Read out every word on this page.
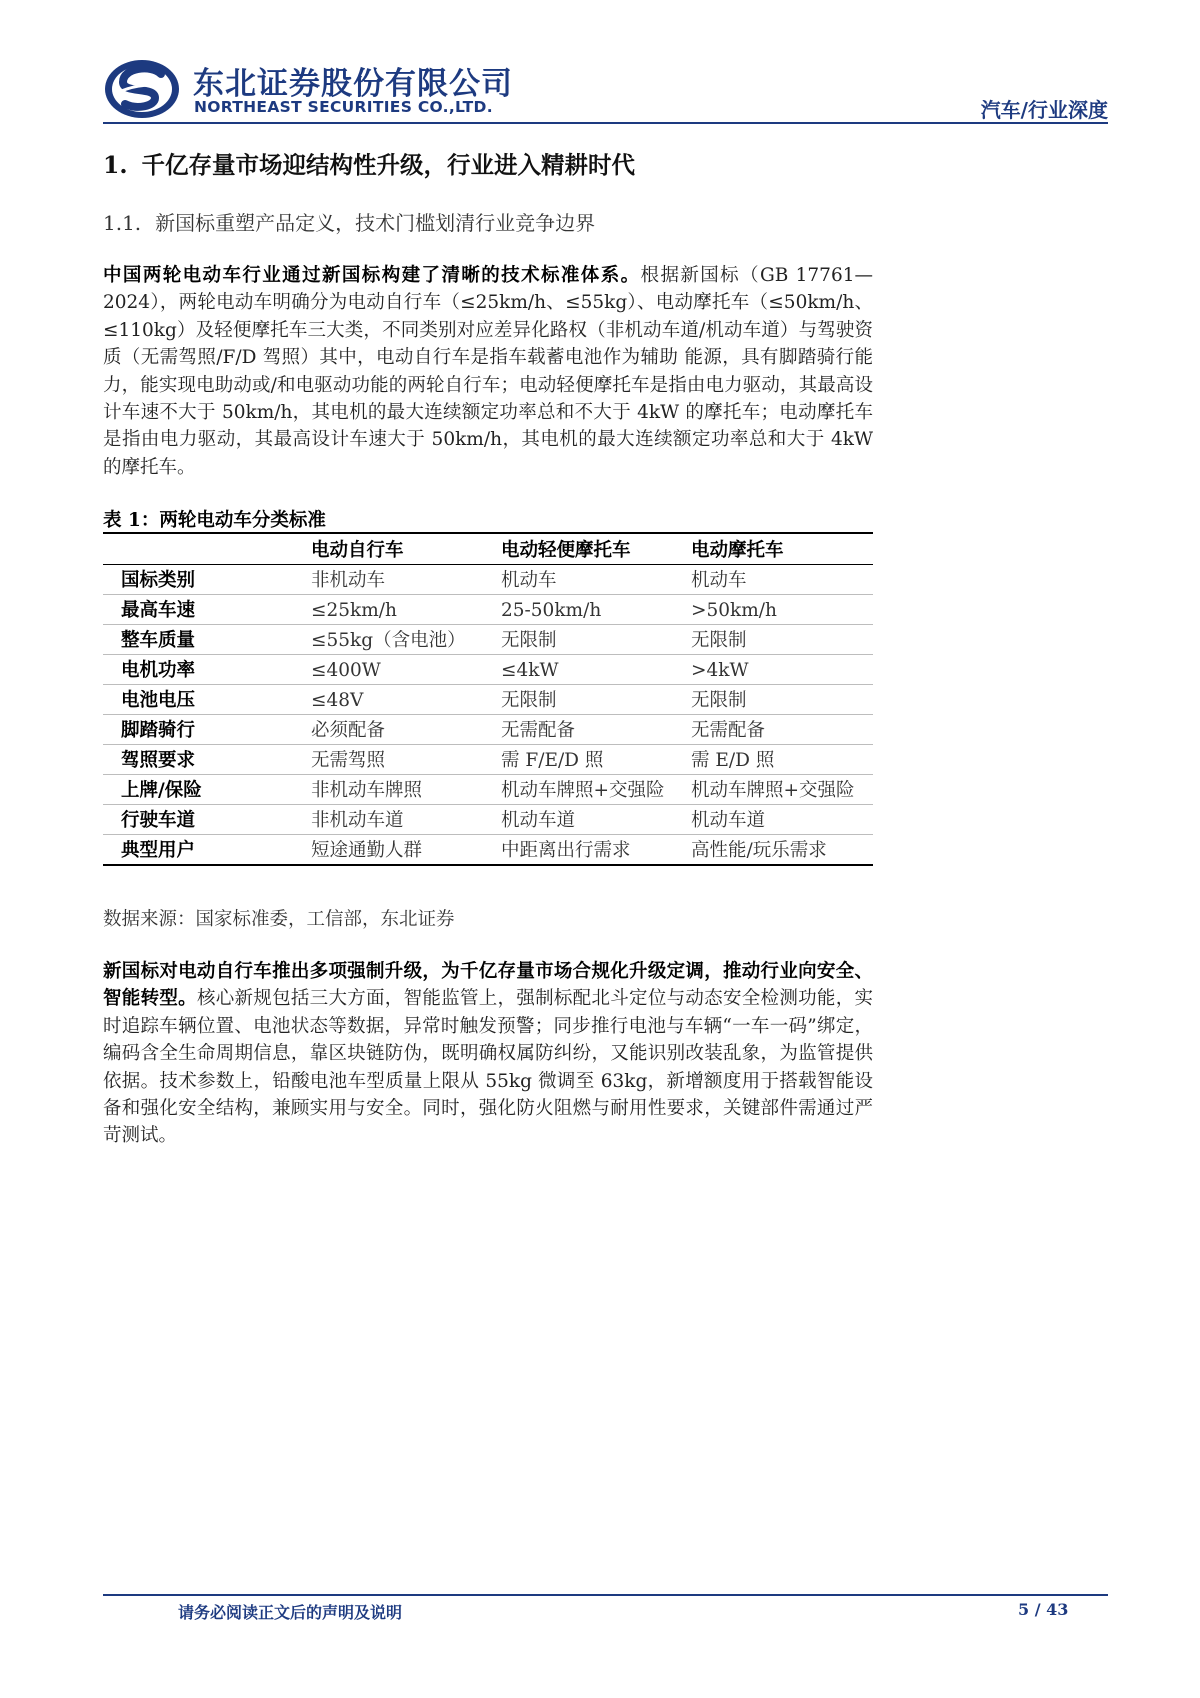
东北证券股份有限公司
NORTHEAST SECURITIES CO.,LTD.	汽车/行业深度
1. 千亿存量市场迎结构性升级，行业进入精耕时代
1.1. 新国标重塑产品定义，技术门槛划清行业竞争边界
中国两轮电动车行业通过新国标构建了清晰的技术标准体系。根据新国标（GB 17761—2024），两轮电动车明确分为电动自行车（≤25km/h、≤55kg）、电动摩托车（≤50km/h、≤110kg）及轻便摩托车三大类，不同类别对应差异化路权（非机动车道/机动车道）与驾驶资质（无需驾照/F/D 驾照）其中，电动自行车是指车载蓄电池作为辅助 能源，具有脚踏骑行能力，能实现电助动或/和电驱动功能的两轮自行车；电动轻便摩托车是指由电力驱动，其最高设计车速不大于 50km/h，其电机的最大连续额定功率总和不大于 4kW 的摩托车；电动摩托车是指由电力驱动，其最高设计车速大于 50km/h，其电机的最大连续额定功率总和大于 4kW 的摩托车。
表 1：两轮电动车分类标准
	电动自行车	电动轻便摩托车	电动摩托车
国标类别	非机动车	机动车	机动车
最高车速	≤25km/h	25-50km/h	>50km/h
整车质量	≤55kg（含电池）	无限制	无限制
电机功率	≤400W	≤4kW	>4kW
电池电压	≤48V	无限制	无限制
脚踏骑行	必须配备	无需配备	无需配备
驾照要求	无需驾照	需 F/E/D 照	需 E/D 照
上牌/保险	非机动车牌照	机动车牌照+交强险	机动车牌照+交强险
行驶车道	非机动车道	机动车道	机动车道
典型用户	短途通勤人群	中距离出行需求	高性能/玩乐需求
数据来源：国家标准委，工信部，东北证券
新国标对电动自行车推出多项强制升级，为千亿存量市场合规化升级定调，推动行业向安全、智能转型。核心新规包括三大方面，智能监管上，强制标配北斗定位与动态安全检测功能，实时追踪车辆位置、电池状态等数据，异常时触发预警；同步推行电池与车辆“一车一码”绑定，编码含全生命周期信息，靠区块链防伪，既明确权属防纠纷，又能识别改装乱象，为监管提供依据。技术参数上，铅酸电池车型质量上限从 55kg 微调至 63kg，新增额度用于搭载智能设备和强化安全结构，兼顾实用与安全。同时，强化防火阻燃与耐用性要求，关键部件需通过严苛测试。
请务必阅读正文后的声明及说明	5 / 43
